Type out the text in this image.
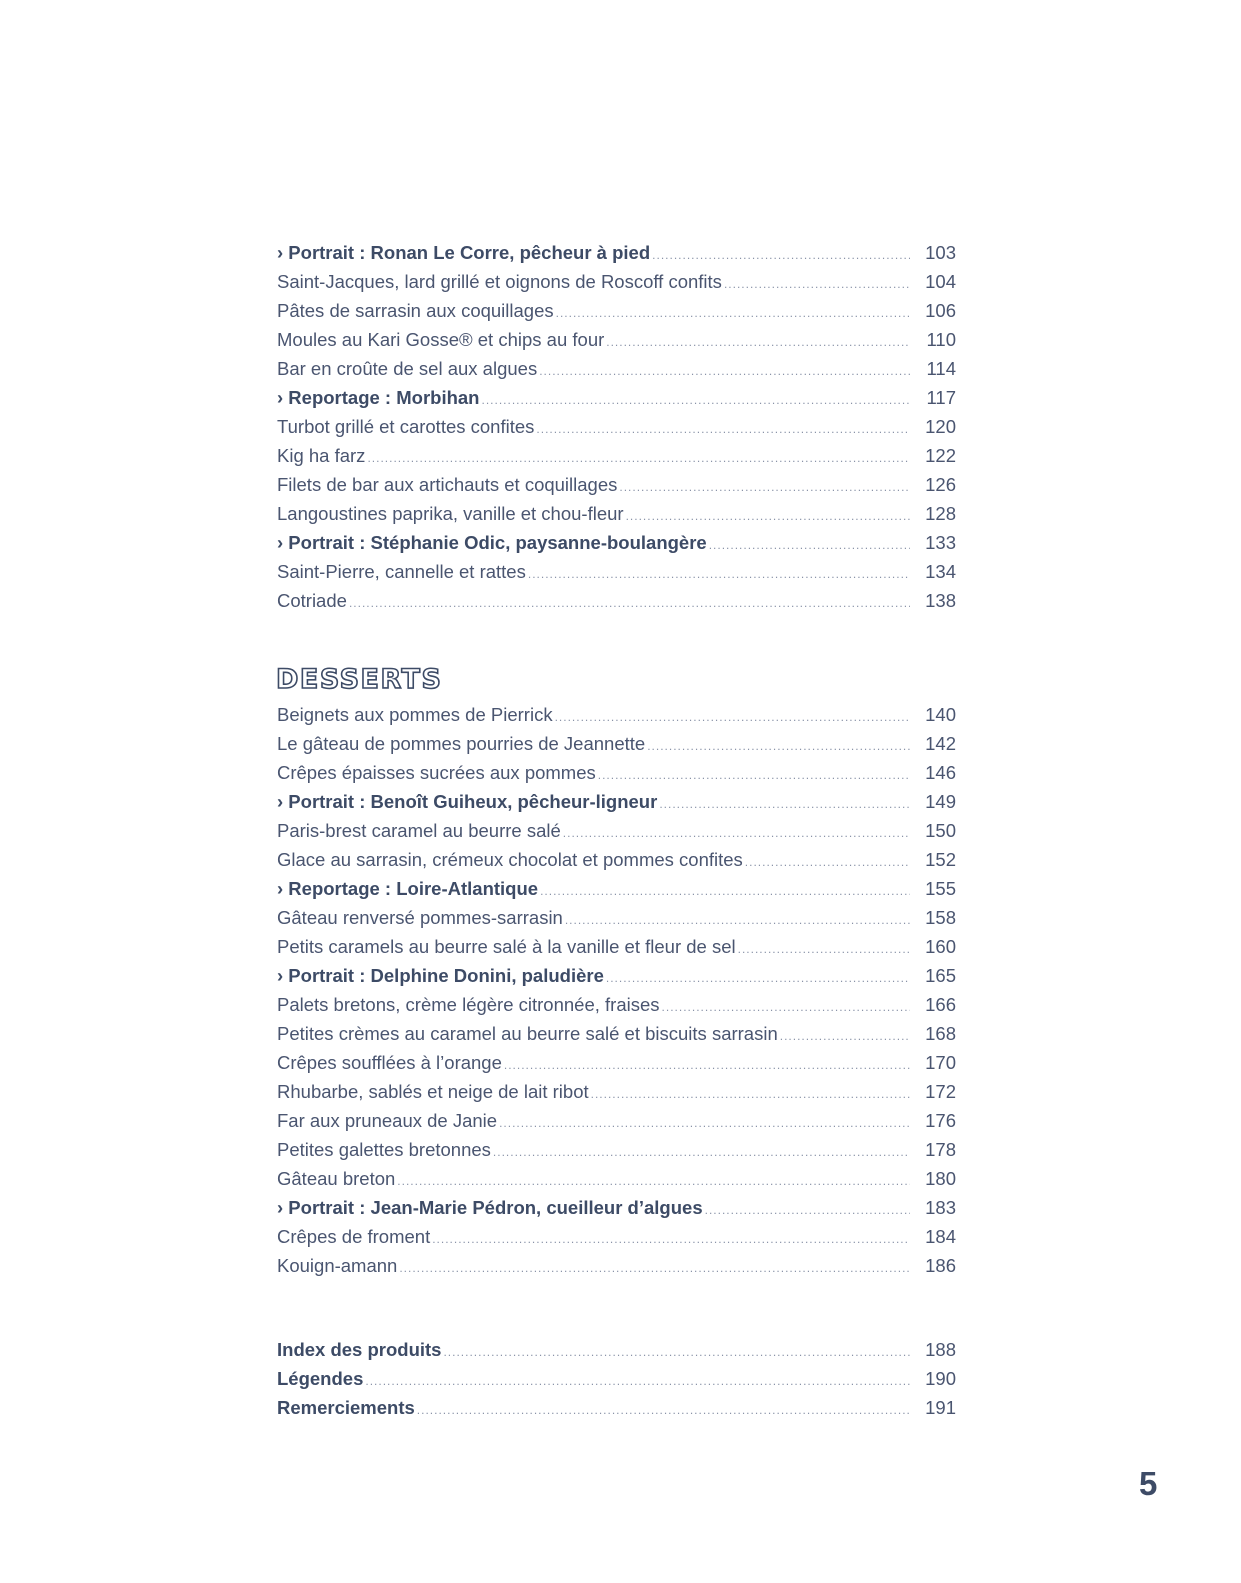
› Portrait : Ronan Le Corre, pêcheur à pied .....	103
Saint-Jacques, lard grillé et oignons de Roscoff confits .....	104
Pâtes de sarrasin aux coquillages .....	106
Moules au Kari Gosse® et chips au four .....	110
Bar en croûte de sel aux algues .....	114
› Reportage : Morbihan .....	117
Turbot grillé et carottes confites .....	120
Kig ha farz .....	122
Filets de bar aux artichauts et coquillages .....	126
Langoustines paprika, vanille et chou-fleur .....	128
› Portrait : Stéphanie Odic, paysanne-boulangère .....	133
Saint-Pierre, cannelle et rattes .....	134
Cotriade .....	138
DESSERTS
Beignets aux pommes de Pierrick .....	140
Le gâteau de pommes pourries de Jeannette .....	142
Crêpes épaisses sucrées aux pommes .....	146
› Portrait : Benoît Guiheux, pêcheur-ligneur .....	149
Paris-brest caramel au beurre salé .....	150
Glace au sarrasin, crémeux chocolat et pommes confites .....	152
› Reportage : Loire-Atlantique .....	155
Gâteau renversé pommes-sarrasin .....	158
Petits caramels au beurre salé à la vanille et fleur de sel .....	160
› Portrait : Delphine Donini, paludière .....	165
Palets bretons, crème légère citronnée, fraises .....	166
Petites crèmes au caramel au beurre salé et biscuits sarrasin .....	168
Crêpes soufflées à l’orange .....	170
Rhubarbe, sablés et neige de lait ribot .....	172
Far aux pruneaux de Janie .....	176
Petites galettes bretonnes .....	178
Gâteau breton .....	180
› Portrait : Jean-Marie Pédron, cueilleur d’algues .....	183
Crêpes de froment .....	184
Kouign-amann .....	186
Index des produits .....	188
Légendes .....	190
Remerciements .....	191
5
